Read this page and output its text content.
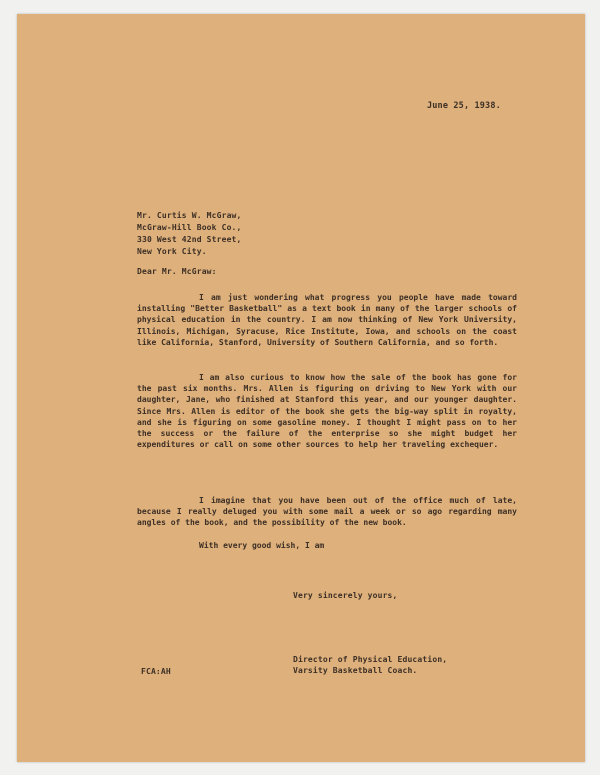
June 25, 1938.
Mr. Curtis W. McGraw,
McGraw-Hill Book Co.,
330 West 42nd Street,
New York City.
Dear Mr. McGraw:
I am just wondering what progress you people have made toward installing "Better Basketball" as a text book in many of the larger schools of physical education in the country. I am now thinking of New York University, Illinois, Michigan, Syracuse, Rice Institute, Iowa, and schools on the coast like California, Stanford, University of Southern California, and so forth.
I am also curious to know how the sale of the book has gone for the past six months. Mrs. Allen is figuring on driving to New York with our daughter, Jane, who finished at Stanford this year, and our younger daughter. Since Mrs. Allen is editor of the book she gets the big-way split in royalty, and she is figuring on some gasoline money. I thought I might pass on to her the success or the failure of the enterprise so she might budget her expenditures or call on some other sources to help her traveling exchequer.
I imagine that you have been out of the office much of late, because I really deluged you with some mail a week or so ago regarding many angles of the book, and the possibility of the new book.
With every good wish, I am
Very sincerely yours,
Director of Physical Education,
Varsity Basketball Coach.
FCA:AH
